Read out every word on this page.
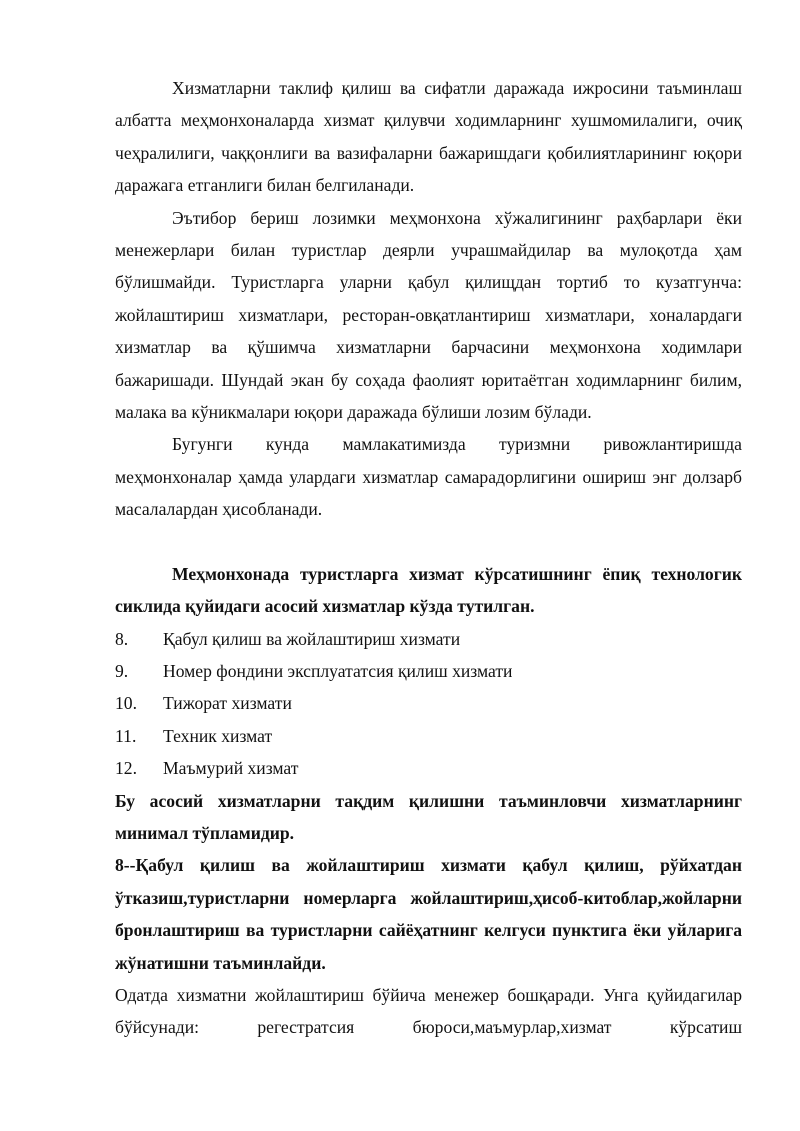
Хизматларни таклиф қилиш ва сифатли даражада ижросини таъминлаш албатта меҳмонхоналарда хизмат қилувчи ходимларнинг хушмомилалиги, очиқ чеҳралилиги, чаққонлиги ва вазифаларни бажаришдаги қобилиятларининг юқори даражага етганлиги билан белгиланади.

Эътибор бериш лозимки меҳмонхона хўжалигининг раҳбарлари ёки менежерлари билан туристлар деярли учрашмайдилар ва мулоқотда ҳам бўлишмайди. Туристларга уларни қабул қилищдан тортиб то кузатгунча: жойлаштириш хизматлари, ресторан-овқатлантириш хизматлари, хоналардаги хизматлар ва қўшимча хизматларни барчасини меҳмонхона ходимлари бажаришади. Шундай экан бу соҳада фаолият юритаётган ходимларнинг билим, малака ва кўникмалари юқори даражада бўлиши лозим бўлади.

Бугунги кунда мамлакатимизда туризмни ривожлантиришда меҳмонхоналар ҳамда улардаги хизматлар самарадорлигини ошириш энг долзарб масалалардан ҳисобланади.

Меҳмонхонада туристларга хизмат кўрсатишнинг ёпиқ технологик сиклида қуйидаги асосий хизматлар кўзда тутилган.

8.	Қабул қилиш ва жойлаштириш хизмати
9.	Номер фондини эксплуататсия қилиш хизмати
10.	Тижорат хизмати
11.	Техник хизмат
12.	Маъмурий хизмат

Бу асосий хизматларни тақдим қилишни таъминловчи хизматларнинг минимал тўпламидир.

8--Қабул қилиш ва жойлаштириш хизмати қабул қилиш, рўйхатдан ўтказиш,туристларни номерларга жойлаштириш,ҳисоб-китоблар,жойларни бронлаштириш ва туристларни сайёҳатнинг келгуси пунктига ёки уйларига жўнатишни таъминлайди.

Одатда хизматни жойлаштириш бўйича менежер бошқаради. Унга қуйидагилар бўйсунади: регестратсия бюроси,маъмурлар,хизмат кўрсатиш
